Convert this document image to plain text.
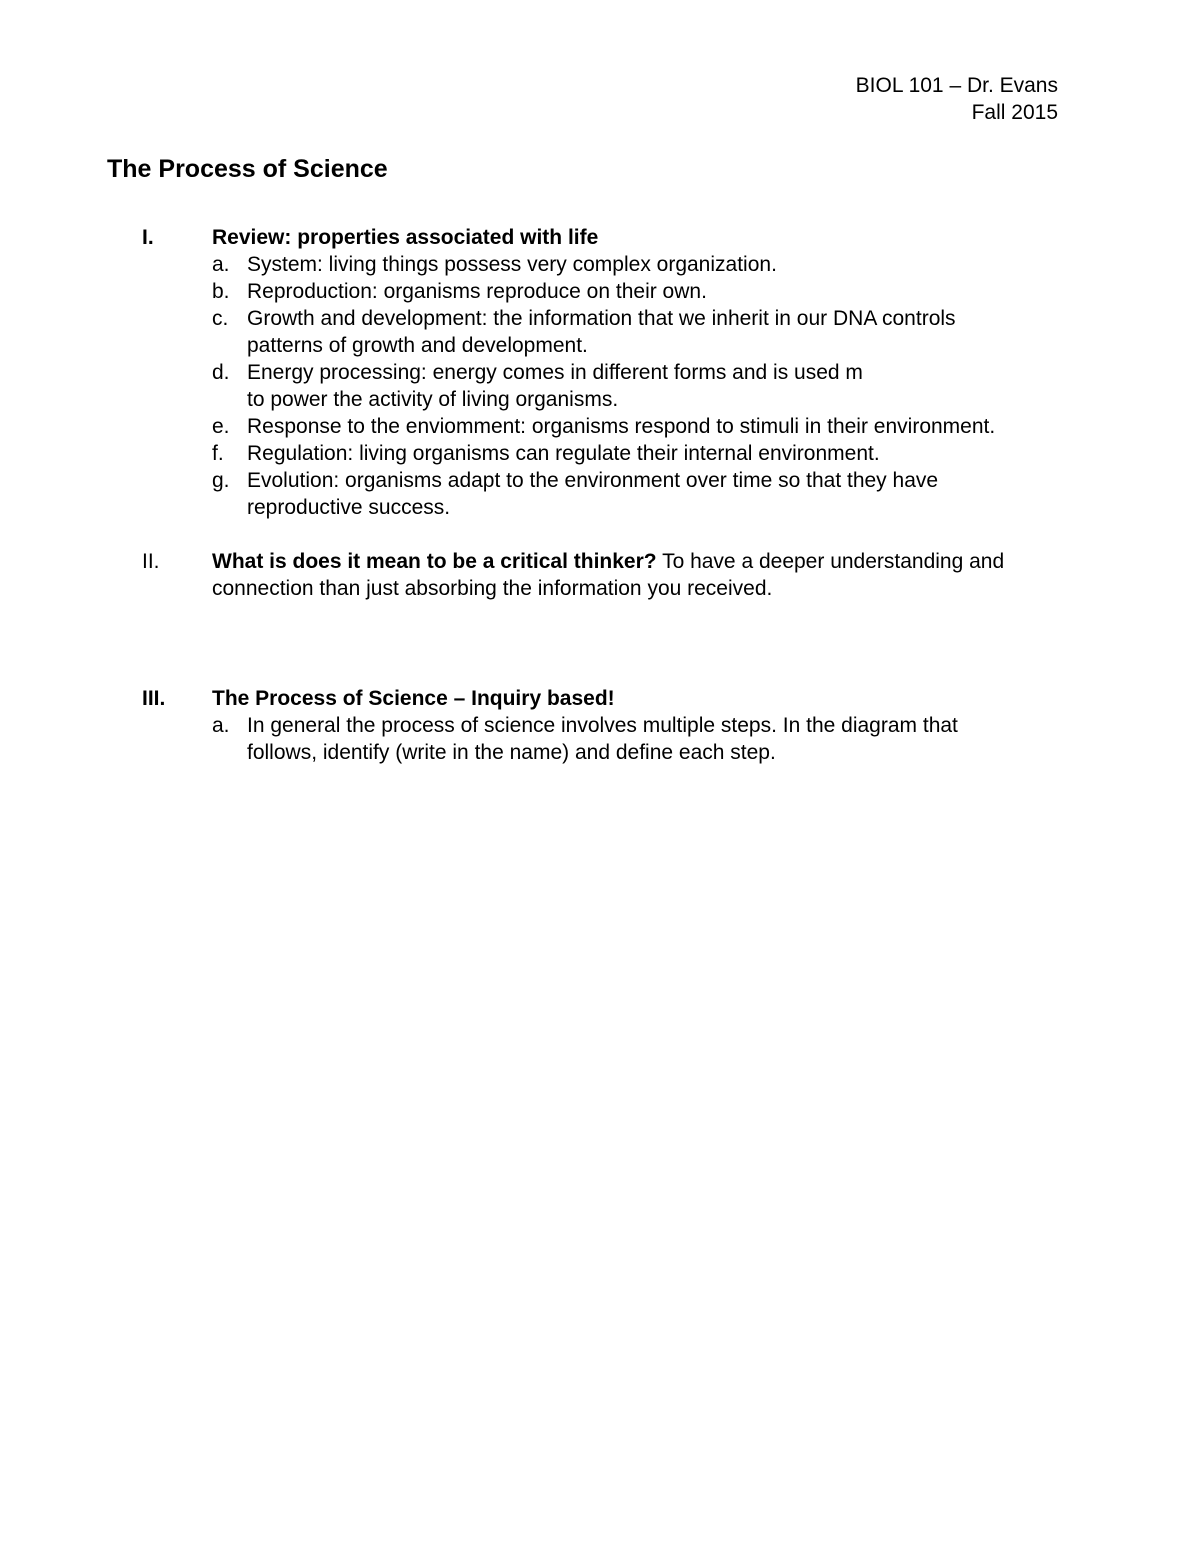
BIOL 101 – Dr. Evans
Fall 2015
The Process of Science
I.	Review: properties associated with life
a. System: living things possess very complex organization.
b. Reproduction: organisms reproduce on their own.
c. Growth and development: the information that we inherit in our DNA controls
patterns of growth and development.
d. Energy processing: energy comes in different forms and is used m
to power the activity of living organisms.
e. Response to the enviomment: organisms respond to stimuli in their environment.
f.	Regulation: living organisms can regulate their internal environment.
g. Evolution: organisms adapt to the environment over time so that they have
reproductive success.
II.	What is does it mean to be a critical thinker? To have a deeper understanding and connection than just absorbing the information you received.
III.	The Process of Science – Inquiry based!
a. In general the process of science involves multiple steps. In the diagram that
follows, identify (write in the name) and define each step.
